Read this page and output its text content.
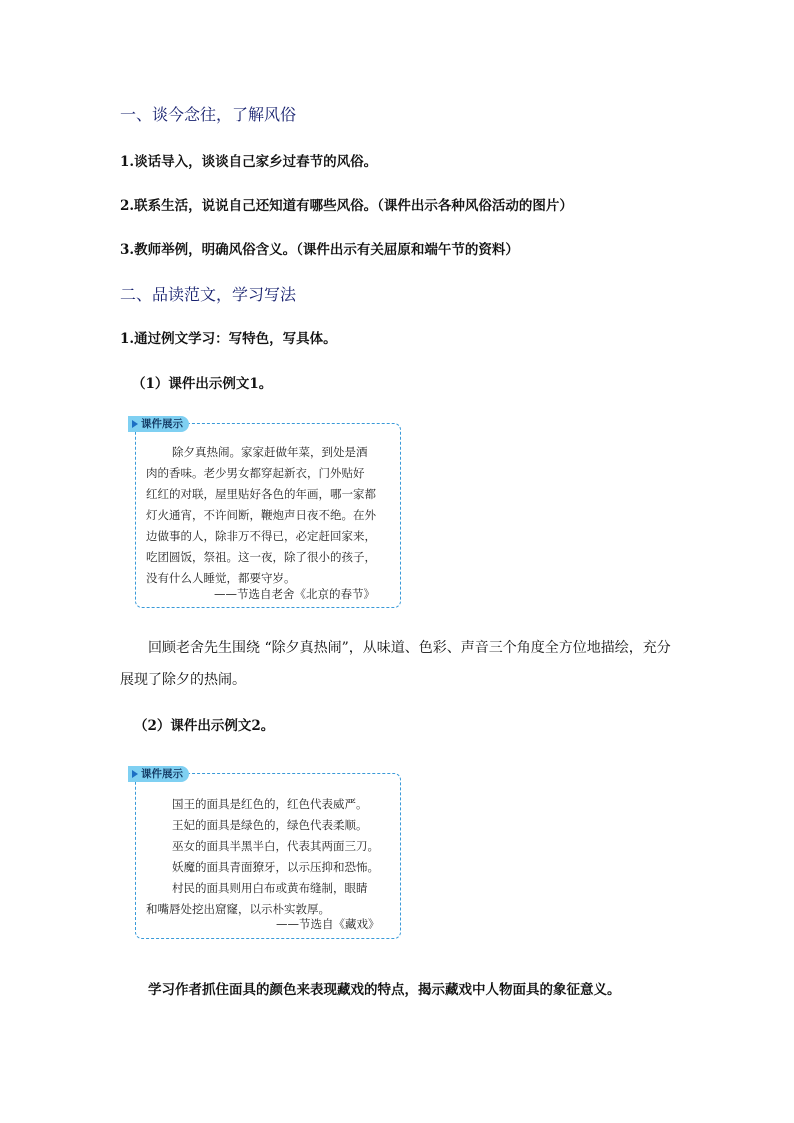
一、谈今念往，了解风俗
1.谈话导入，谈谈自己家乡过春节的风俗。
2.联系生活，说说自己还知道有哪些风俗。（课件出示各种风俗活动的图片）
3.教师举例，明确风俗含义。（课件出示有关屈原和端午节的资料）
二、品读范文，学习写法
1.通过例文学习：写特色，写具体。
（1）课件出示例文1。
课件展示
除夕真热闹。家家赶做年菜，到处是酒
肉的香味。老少男女都穿起新衣，门外贴好
红红的对联，屋里贴好各色的年画，哪一家都
灯火通宵，不许间断，鞭炮声日夜不绝。在外
边做事的人，除非万不得已，必定赶回家来，
吃团圆饭，祭祖。这一夜，除了很小的孩子，
没有什么人睡觉，都要守岁。
——节选自老舍《北京的春节》
回顾老舍先生围绕 “除夕真热闹”，从味道、色彩、声音三个角度全方位地描绘，充分
展现了除夕的热闹。
（2）课件出示例文2。
课件展示
国王的面具是红色的，红色代表威严。
王妃的面具是绿色的，绿色代表柔顺。
巫女的面具半黑半白，代表其两面三刀。
妖魔的面具青面獠牙，以示压抑和恐怖。
村民的面具则用白布或黄布缝制，眼睛
和嘴唇处挖出窟窿，以示朴实敦厚。
——节选自《藏戏》
学习作者抓住面具的颜色来表现藏戏的特点，揭示藏戏中人物面具的象征意义。
